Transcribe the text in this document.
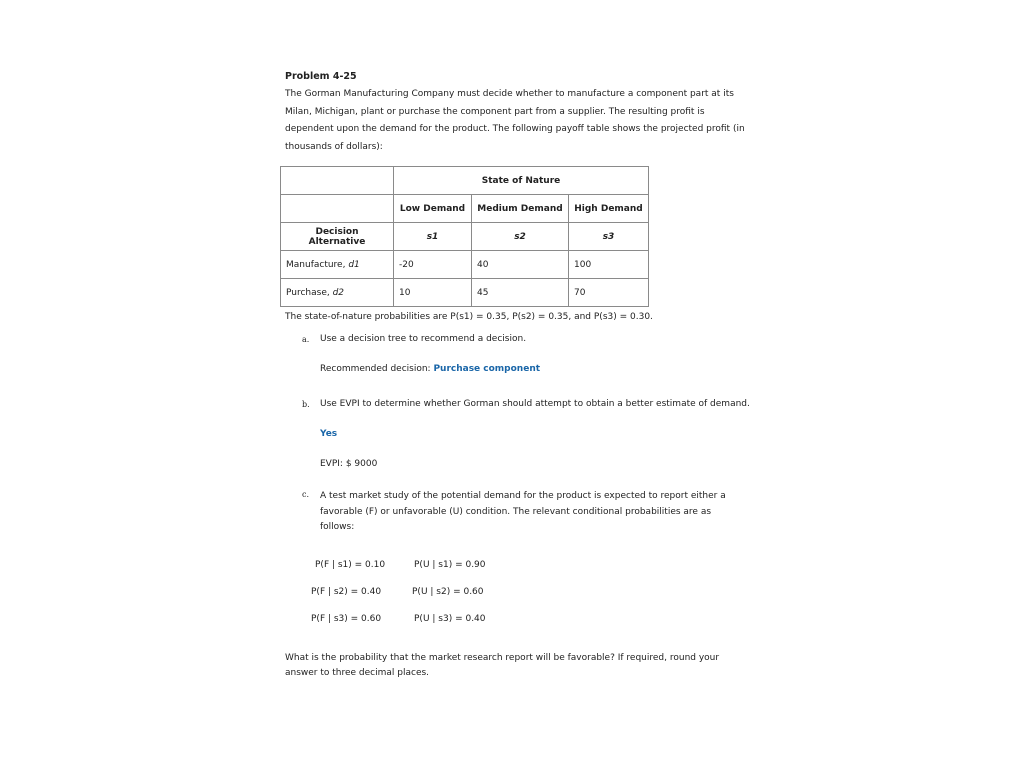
Problem 4-25
The Gorman Manufacturing Company must decide whether to manufacture a component part at its
Milan, Michigan, plant or purchase the component part from a supplier. The resulting profit is
dependent upon the demand for the product. The following payoff table shows the projected profit (in
thousands of dollars):
	State of Nature		
	Low Demand	Medium Demand	High Demand
Decision Alternative	s1	s2	s3
Manufacture, d1	-20	40	100
Purchase, d2	10	45	70
The state-of-nature probabilities are P(s1) = 0.35, P(s2) = 0.35, and P(s3) = 0.30.
a. Use a decision tree to recommend a decision.
Recommended decision: Purchase component
b. Use EVPI to determine whether Gorman should attempt to obtain a better estimate of demand.
Yes
EVPI: $ 9000
c. A test market study of the potential demand for the product is expected to report either a
favorable (F) or unfavorable (U) condition. The relevant conditional probabilities are as
follows:
P(F | s1) = 0.10	P(U | s1) = 0.90
P(F | s2) = 0.40	P(U | s2) = 0.60
P(F | s3) = 0.60	P(U | s3) = 0.40
What is the probability that the market research report will be favorable? If required, round your
answer to three decimal places.
